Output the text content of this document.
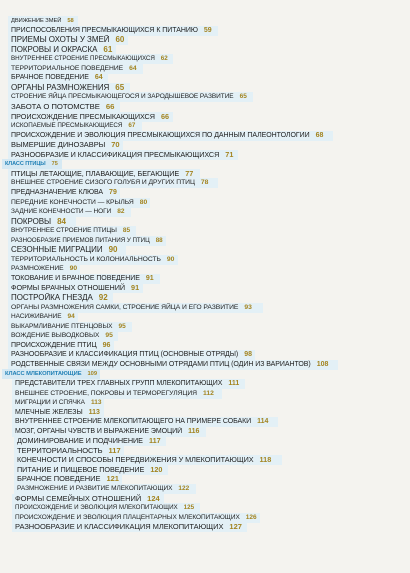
ДВИЖЕНИЕ ЗМЕЙ 58
ПРИСПОСОБЛЕНИЯ ПРЕСМЫКАЮЩИХСЯ К ПИТАНИЮ 59
ПРИЕМЫ ОХОТЫ У ЗМЕЙ 60
ПОКРОВЫ И ОКРАСКА 61
ВНУТРЕННЕЕ СТРОЕНИЕ ПРЕСМЫКАЮЩИХСЯ 62
ТЕРРИТОРИАЛЬНОЕ ПОВЕДЕНИЕ 64
БРАЧНОЕ ПОВЕДЕНИЕ 64
ОРГАНЫ РАЗМНОЖЕНИЯ 65
СТРОЕНИЕ ЯЙЦА ПРЕСМЫКАЮЩЕГОСЯ И ЗАРОДЫШЕВОЕ РАЗВИТИЕ 65
ЗАБОТА О ПОТОМСТВЕ 66
ПРОИСХОЖДЕНИЕ ПРЕСМЫКАЮЩИХСЯ 66
ИСКОПАЕМЫЕ ПРЕСМЫКАЮЩИЕСЯ 67
ПРОИСХОЖДЕНИЕ И ЭВОЛЮЦИЯ ПРЕСМЫКАЮЩИХСЯ ПО ДАННЫМ ПАЛЕОНТОЛОГИИ 68
ВЫМЕРШИЕ ДИНОЗАВРЫ 70
РАЗНООБРАЗИЕ И КЛАССИФИКАЦИЯ ПРЕСМЫКАЮЩИХСЯ 71
КЛАСС ПТИЦЫ 75
ПТИЦЫ ЛЕТАЮЩИЕ, ПЛАВАЮЩИЕ, БЕГАЮЩИЕ 77
ВНЕШНЕЕ СТРОЕНИЕ СИЗОГО ГОЛУБЯ И ДРУГИХ ПТИЦ 78
ПРЕДНАЗНАЧЕНИЕ КЛЮВА 79
ПЕРЕДНИЕ КОНЕЧНОСТИ — КРЫЛЬЯ 80
ЗАДНИЕ КОНЕЧНОСТИ — НОГИ 82
ПОКРОВЫ 84
ВНУТРЕННЕЕ СТРОЕНИЕ ПТИЦЫ 85
РАЗНООБРАЗИЕ ПРИЕМОВ ПИТАНИЯ У ПТИЦ 88
СЕЗОННЫЕ МИГРАЦИИ 90
ТЕРРИТОРИАЛЬНОСТЬ И КОЛОНИАЛЬНОСТЬ 90
РАЗМНОЖЕНИЕ 90
ТОКОВАНИЕ И БРАЧНОЕ ПОВЕДЕНИЕ 91
ФОРМЫ БРАЧНЫХ ОТНОШЕНИЙ 91
ПОСТРОЙКА ГНЕЗДА 92
ОРГАНЫ РАЗМНОЖЕНИЯ САМКИ, СТРОЕНИЕ ЯЙЦА И ЕГО РАЗВИТИЕ 93
НАСИЖИВАНИЕ 94
ВЫКАРМЛИВАНИЕ ПТЕНЦОВЫХ 95
ВОЖДЕНИЕ ВЫВОДКОВЫХ 95
ПРОИСХОЖДЕНИЕ ПТИЦ 96
РАЗНООБРАЗИЕ И КЛАССИФИКАЦИЯ ПТИЦ (ОСНОВНЫЕ ОТРЯДЫ) 98
РОДСТВЕННЫЕ СВЯЗИ МЕЖДУ ОСНОВНЫМИ ОТРЯДАМИ ПТИЦ (ОДИН ИЗ ВАРИАНТОВ) 108
КЛАСС МЛЕКОПИТАЮЩИЕ 109
ПРЕДСТАВИТЕЛИ ТРЕХ ГЛАВНЫХ ГРУПП МЛЕКОПИТАЮЩИХ 111
ВНЕШНЕЕ СТРОЕНИЕ, ПОКРОВЫ И ТЕРМОРЕГУЛЯЦИЯ 112
МИГРАЦИИ И СПЯЧКА 113
МЛЕЧНЫЕ ЖЕЛЕЗЫ 113
ВНУТРЕННЕЕ СТРОЕНИЕ МЛЕКОПИТАЮЩЕГО НА ПРИМЕРЕ СОБАКИ 114
МОЗГ, ОРГАНЫ ЧУВСТВ И ВЫРАЖЕНИЕ ЭМОЦИЙ 116
ДОМИНИРОВАНИЕ И ПОДЧИНЕНИЕ 117
ТЕРРИТОРИАЛЬНОСТЬ 117
КОНЕЧНОСТИ И СПОСОБЫ ПЕРЕДВИЖЕНИЯ У МЛЕКОПИТАЮЩИХ 118
ПИТАНИЕ И ПИЩЕВОЕ ПОВЕДЕНИЕ 120
БРАЧНОЕ ПОВЕДЕНИЕ 121
РАЗМНОЖЕНИЕ И РАЗВИТИЕ МЛЕКОПИТАЮЩИХ 122
ФОРМЫ СЕМЕЙНЫХ ОТНОШЕНИЙ 124
ПРОИСХОЖДЕНИЕ И ЭВОЛЮЦИЯ МЛЕКОПИТАЮЩИХ 125
ПРОИСХОЖДЕНИЕ И ЭВОЛЮЦИЯ ПЛАЦЕНТАРНЫХ МЛЕКОПИТАЮЩИХ 126
РАЗНООБРАЗИЕ И КЛАССИФИКАЦИЯ МЛЕКОПИТАЮЩИХ 127
